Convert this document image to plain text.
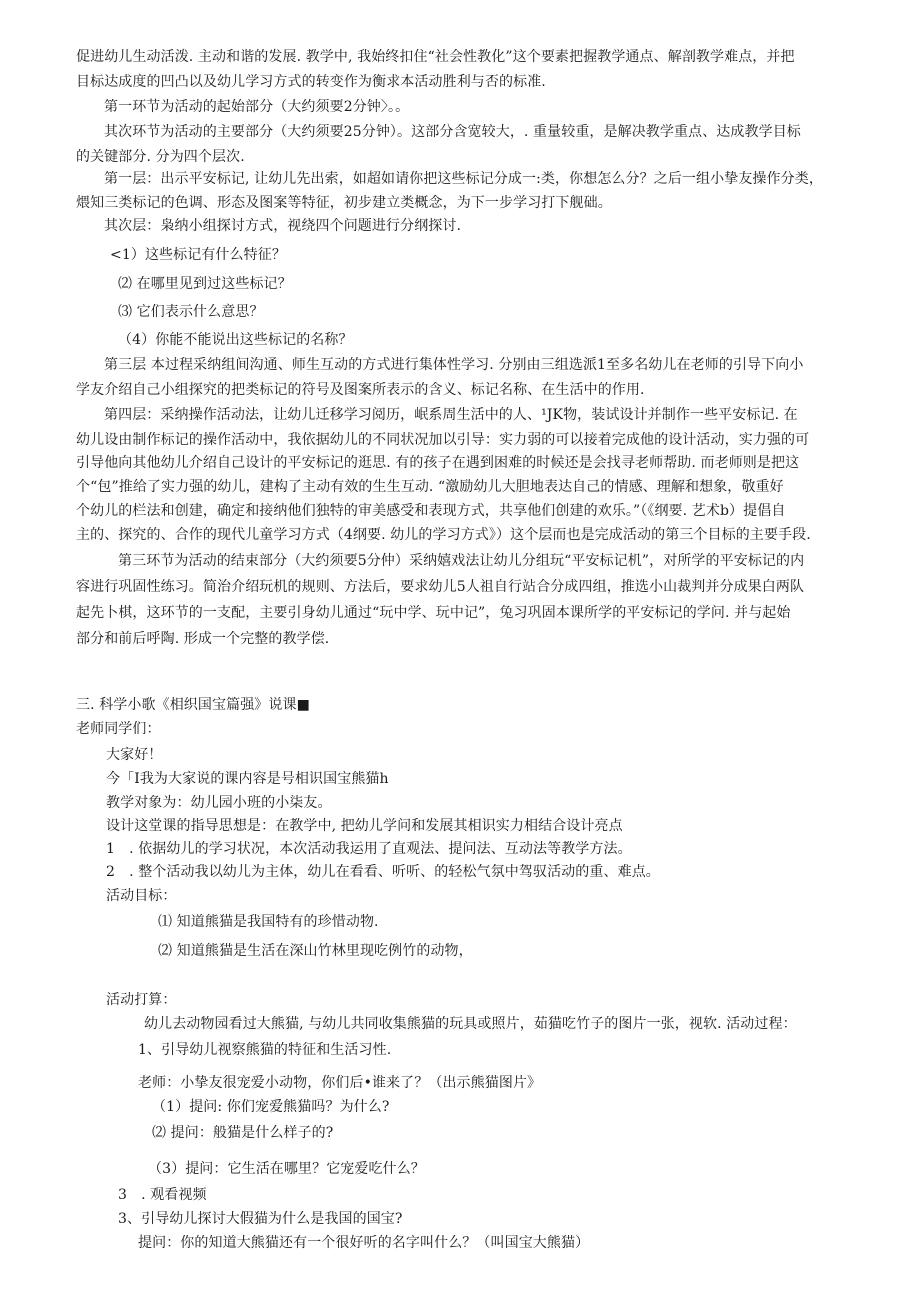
促进幼儿生动活泼. 主动和谐的发展. 教学中, 我始终扣住“社会性教化”这个要素把握教学通点、解剖教学难点，并把
目标达成度的凹凸以及幼儿学习方式的转变作为衡求本活动胜利与否的标准.
第一环节为活动的起始部分（大约须要2分钟〉。。
其次环节为活动的主要部分（大约须要25分钟）。这部分含宽较大，. 重量较重，是解决教学重点、达成教学目标
的关键部分. 分为四个层次.
第一层：出示平安标记, 让幼儿先出索，如超如请你把这些标记分成一:类，你想怎么分？之后一组小挚友操作分类，
煨知三类标记的色调、形态及图案等特征，初步建立类概念，为下一步学习打下舰础。
其次层：枭纳小组探讨方式，视绕四个问题进行分纲探讨.
<1）这些标记有什么特征？
⑵ 在哪里见到过这些标记？
⑶ 它们表示什么意思？
（4）你能不能说出这些标记的名称？
第三层 本过程采纳组间沟通、师生互动的方式进行集体性学习. 分别由三组选派1至多名幼儿在老师的引导下向小
学友介绍自己小组探究的把类标记的符号及图案所表示的含义、标记名称、在生活中的作用.
第四层：采纳操作活动法，让幼儿迁移学习阅历，岷系周生活中的人、¹JK物，装试设计并制作一些平安标记. 在
幼儿设由制作标记的操作活动中，我依据幼儿的不同状况加以引导：实力弱的可以接着完成他的设计活动，实力强的可
引导他向其他幼儿介绍自己设计的平安标记的逛思. 有的孩子在遇到困难的时候还是会找寻老师帮助. 而老师则是把这
个“包”推给了实力强的幼儿，建构了主动有效的生生互动. “激励幼儿大胆地表达自己的情感、理解和想象，敬重好
个幼儿的栏法和创建，确定和接纳他们独特的审美感受和表现方式，共享他们创建的欢乐。”（《纲要. 艺术b）提倡自
主的、探究的、合作的现代儿童学习方式（4纲要. 幼儿的学习方式》）这个层而也是完成活动的第三个目标的主要手段.
第三环节为活动的结束部分（大约须要5分仲）采纳嬉戏法让幼儿分组玩“平安标记机”，对所学的平安标记的内
容进行巩固性练习。简治介绍玩机的规则、方法后，要求幼儿5人祖自行站合分成四组，推选小山裁判并分成果白两队
起先卜棋，这环节的一支配，主要引身幼儿通过“玩中学、玩中记”，兔习巩固本课所学的平安标记的学问. 并与起始
部分和前后呼陶. 形成一个完整的教学偿.
三. 科学小歌《相织国宝篇强》说课■
老师同学们：
大家好！
今「I我为大家说的课内容是号相识国宝熊猫h
教学对象为：幼儿园小班的小柒友。
设计这堂课的指导思想是：在教学中, 把幼儿学问和发展其相识实力相结合设计亮点
1　. 依据幼儿的学习状况，本次活动我运用了直观法、提问法、互动法等教学方法。
2　. 整个活动我以幼儿为主体，幼儿在看看、听听、的轻松气氛中驾驭活动的重、难点。
活动目标：
⑴ 知道熊猫是我国特有的珍惜动物.
⑵ 知道熊猫是生活在深山竹林里现吃例竹的动物，
活动打算：
幼儿去动物园看过大熊猫, 与幼儿共同收集熊猫的玩具或照片，茹猫吃竹子的图片一张，视软. 活动过程：
1、引导幼儿视察熊猫的特征和生活习性.
老师：小挚友很宠爱小动物，你们后•谁来了？（出示熊猫图片》
（1）提问: 你们宠爱熊猫吗？为什么?
⑵ 提问：般猫是什么样子的?
（3）提问：它生活在哪里？它宠爱吃什么？
3　. 观看视频
3、引导幼儿探讨大假猫为什么是我国的国宝?
提问：你的知道大熊猫还有一个很好听的名字叫什么？（叫国宝大熊猫）
